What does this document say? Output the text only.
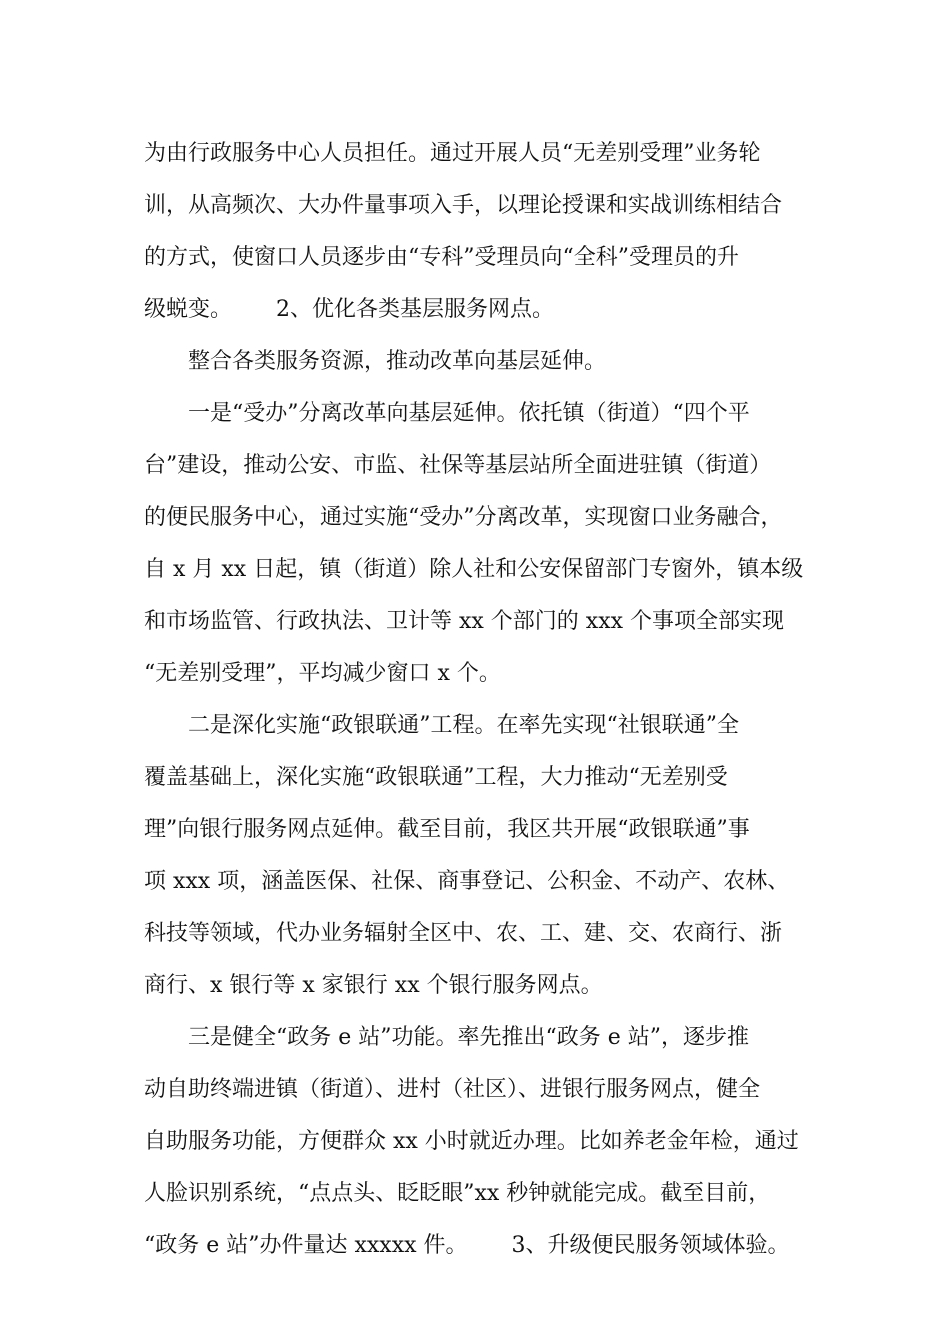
为由行政服务中心人员担任。通过开展人员“无差别受理”业务轮
训，从高频次、大办件量事项入手，以理论授课和实战训练相结合
的方式，使窗口人员逐步由“专科”受理员向“全科”受理员的升
级蜕变。 2、优化各类基层服务网点。
整合各类服务资源，推动改革向基层延伸。
一是“受办”分离改革向基层延伸。依托镇（街道）“四个平
台”建设，推动公安、市监、社保等基层站所全面进驻镇（街道）
的便民服务中心，通过实施“受办”分离改革，实现窗口业务融合，
自 x 月 xx 日起，镇（街道）除人社和公安保留部门专窗外，镇本级
和市场监管、行政执法、卫计等 xx 个部门的 xxx 个事项全部实现
“无差别受理”，平均减少窗口 x 个。
二是深化实施“政银联通”工程。在率先实现“社银联通”全
覆盖基础上，深化实施“政银联通”工程，大力推动“无差别受
理”向银行服务网点延伸。截至目前，我区共开展“政银联通”事
项 xxx 项，涵盖医保、社保、商事登记、公积金、不动产、农林、
科技等领域，代办业务辐射全区中、农、工、建、交、农商行、浙
商行、x 银行等 x 家银行 xx 个银行服务网点。
三是健全“政务 e 站”功能。率先推出“政务 e 站”，逐步推
动自助终端进镇（街道）、进村（社区）、进银行服务网点，健全
自助服务功能，方便群众 xx 小时就近办理。比如养老金年检，通过
人脸识别系统，“点点头、眨眨眼”xx 秒钟就能完成。截至目前，
“政务 e 站”办件量达 xxxxx 件。 3、升级便民服务领域体验。
